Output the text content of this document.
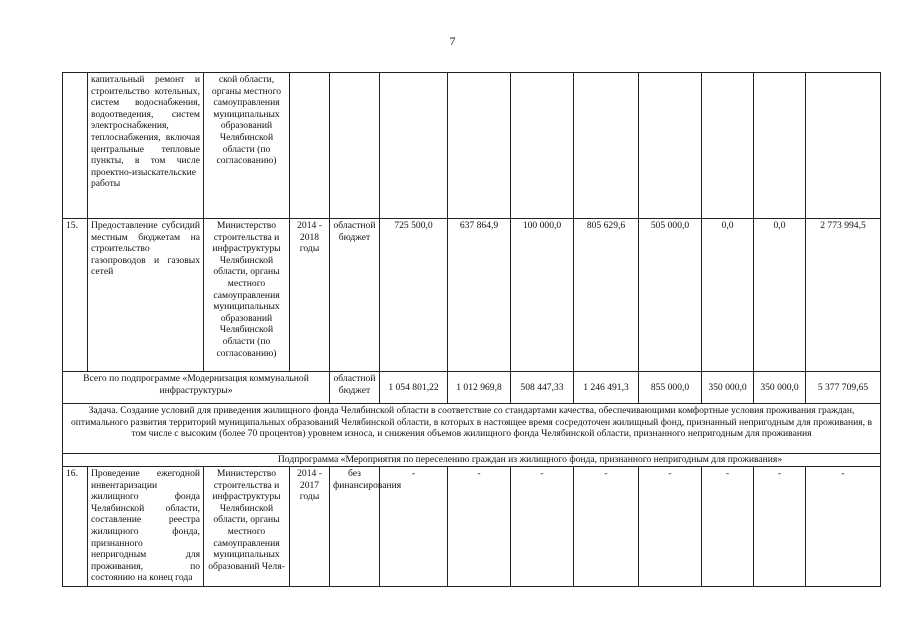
7
	капитальный ремонт и строительство котельных, систем водоснабжения, водоотведения, систем электроснабжения, теплоснабжения, включая центральные тепловые пункты, в том числе проектно-изыскательские работы	ской области, органы местного самоуправления муниципальных образований Челябинской области (по согласованию)										
15.	Предоставление субсидий местным бюджетам на строительство газопроводов и газовых сетей	Министерство строительства и инфраструктуры Челябинской области, органы местного самоуправления муниципальных образований Челябинской области (по согласованию)	2014 - 2018 годы	областной бюджет	725 500,0	637 864,9	100 000,0	805 629,6	505 000,0	0,0	0,0	2 773 994,5
Всего по подпрограмме «Модернизация коммунальной инфраструктуры»				областной бюджет	1 054 801,22	1 012 969,8	508 447,33	1 246 491,3	855 000,0	350 000,0	350 000,0	5 377 709,65
Задача. Создание условий для приведения жилищного фонда Челябинской области в соответствие со стандартами качества, обеспечивающими комфортные условия проживания граждан, оптимального развития территорий муниципальных образований Челябинской области, в которых в настоящее время сосредоточен жилищный фонд, признанный непригодным для проживания, в том числе с высоким (более 70 процентов) уровнем износа, и снижения объемов жилищного фонда Челябинской области, признанного непригодным для проживания												
Подпрограмма «Мероприятия по переселению граждан из жилищного фонда, признанного непригодным для проживания»												
16.	Проведение ежегодной инвентаризации жилищного фонда Челябинской области, составление реестра жилищного фонда, признанного непригодным для проживания, по состоянию на конец года	Министерство строительства и инфраструктуры Челябинской области, органы местного самоуправления муниципальных образований Челя-	2014 - 2017 годы	без финансирования	-	-	-	-	-	-	-	-
